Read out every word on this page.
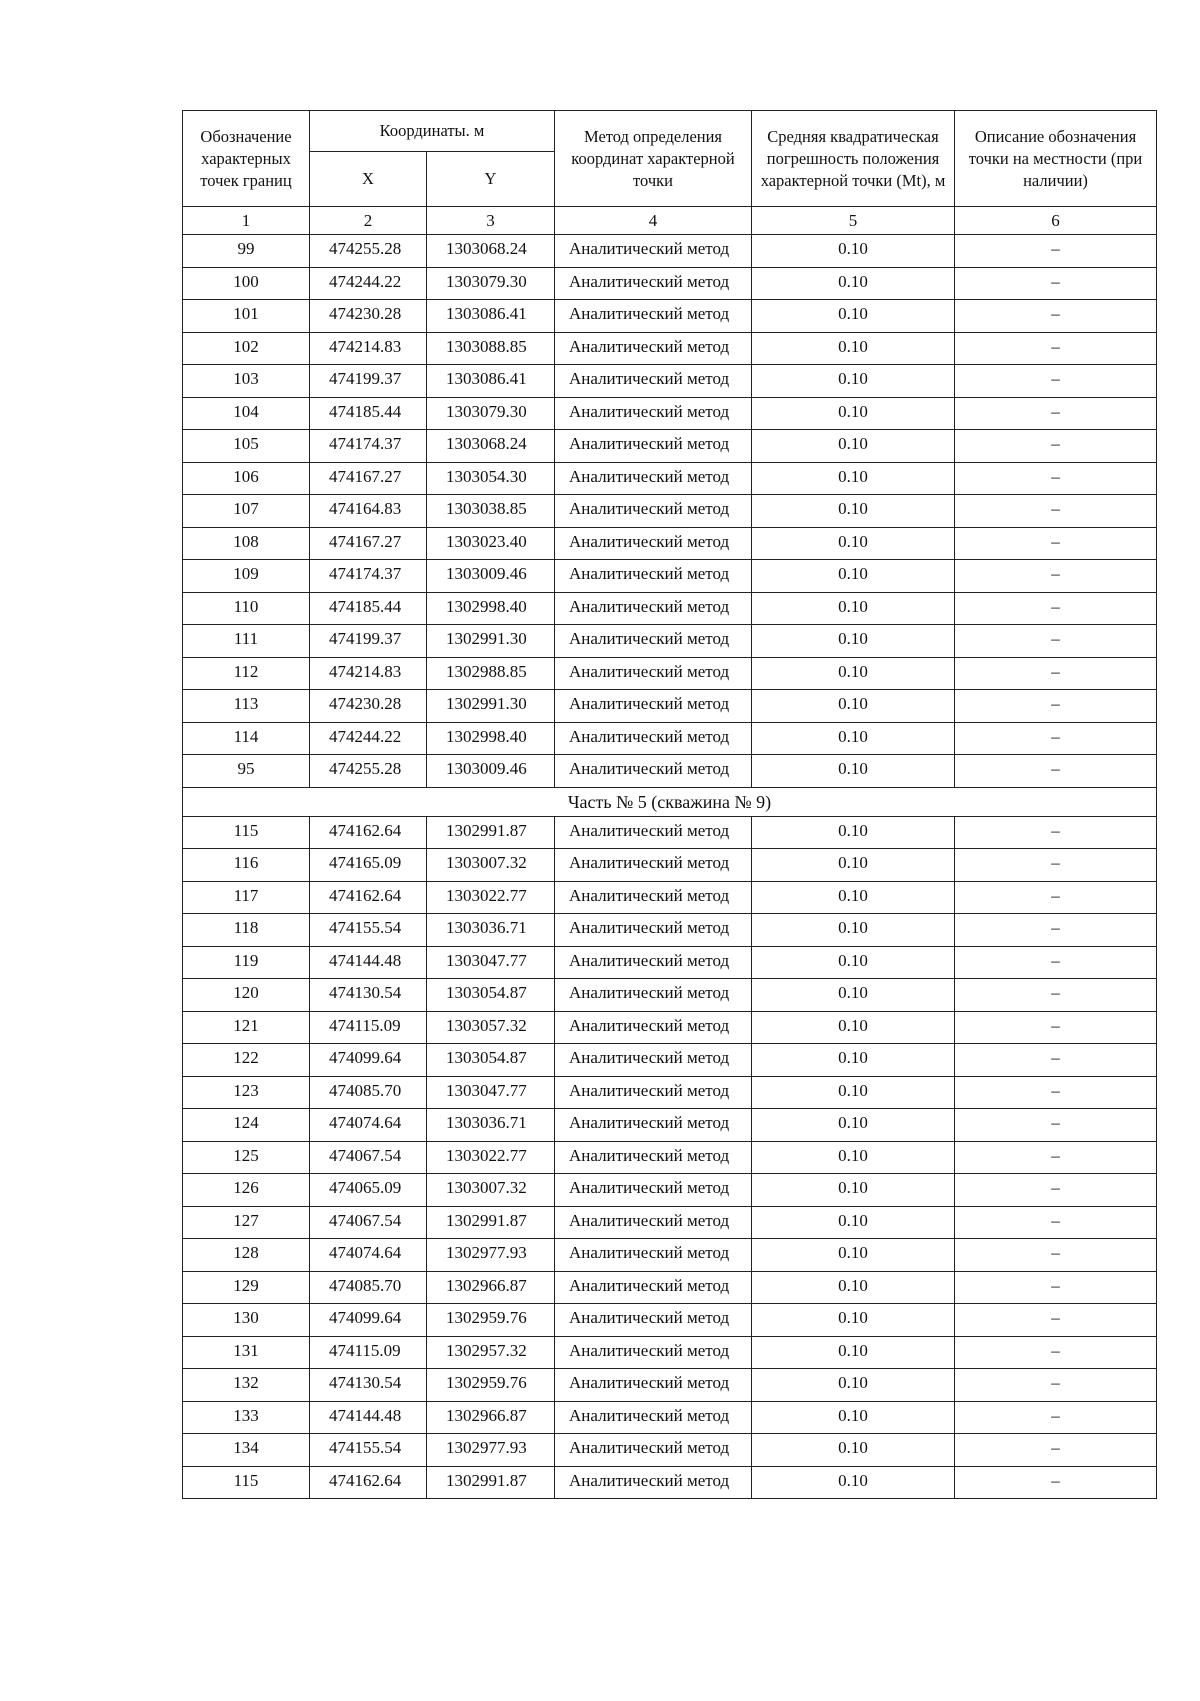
Обозначение характерных точек границ	Координаты. м		Метод определения координат характерной точки	Средняя квадратическая погрешность положения характерной точки (Mt), м	Описание обозначения точки на местности (при наличии)
	X	Y			
1	2	3	4	5	6
99	474255.28	1303068.24	Аналитический метод	0.10	–
100	474244.22	1303079.30	Аналитический метод	0.10	–
101	474230.28	1303086.41	Аналитический метод	0.10	–
102	474214.83	1303088.85	Аналитический метод	0.10	–
103	474199.37	1303086.41	Аналитический метод	0.10	–
104	474185.44	1303079.30	Аналитический метод	0.10	–
105	474174.37	1303068.24	Аналитический метод	0.10	–
106	474167.27	1303054.30	Аналитический метод	0.10	–
107	474164.83	1303038.85	Аналитический метод	0.10	–
108	474167.27	1303023.40	Аналитический метод	0.10	–
109	474174.37	1303009.46	Аналитический метод	0.10	–
110	474185.44	1302998.40	Аналитический метод	0.10	–
111	474199.37	1302991.30	Аналитический метод	0.10	–
112	474214.83	1302988.85	Аналитический метод	0.10	–
113	474230.28	1302991.30	Аналитический метод	0.10	–
114	474244.22	1302998.40	Аналитический метод	0.10	–
95	474255.28	1303009.46	Аналитический метод	0.10	–
Часть № 5 (скважина № 9)					
115	474162.64	1302991.87	Аналитический метод	0.10	–
116	474165.09	1303007.32	Аналитический метод	0.10	–
117	474162.64	1303022.77	Аналитический метод	0.10	–
118	474155.54	1303036.71	Аналитический метод	0.10	–
119	474144.48	1303047.77	Аналитический метод	0.10	–
120	474130.54	1303054.87	Аналитический метод	0.10	–
121	474115.09	1303057.32	Аналитический метод	0.10	–
122	474099.64	1303054.87	Аналитический метод	0.10	–
123	474085.70	1303047.77	Аналитический метод	0.10	–
124	474074.64	1303036.71	Аналитический метод	0.10	–
125	474067.54	1303022.77	Аналитический метод	0.10	–
126	474065.09	1303007.32	Аналитический метод	0.10	–
127	474067.54	1302991.87	Аналитический метод	0.10	–
128	474074.64	1302977.93	Аналитический метод	0.10	–
129	474085.70	1302966.87	Аналитический метод	0.10	–
130	474099.64	1302959.76	Аналитический метод	0.10	–
131	474115.09	1302957.32	Аналитический метод	0.10	–
132	474130.54	1302959.76	Аналитический метод	0.10	–
133	474144.48	1302966.87	Аналитический метод	0.10	–
134	474155.54	1302977.93	Аналитический метод	0.10	–
115	474162.64	1302991.87	Аналитический метод	0.10	–
